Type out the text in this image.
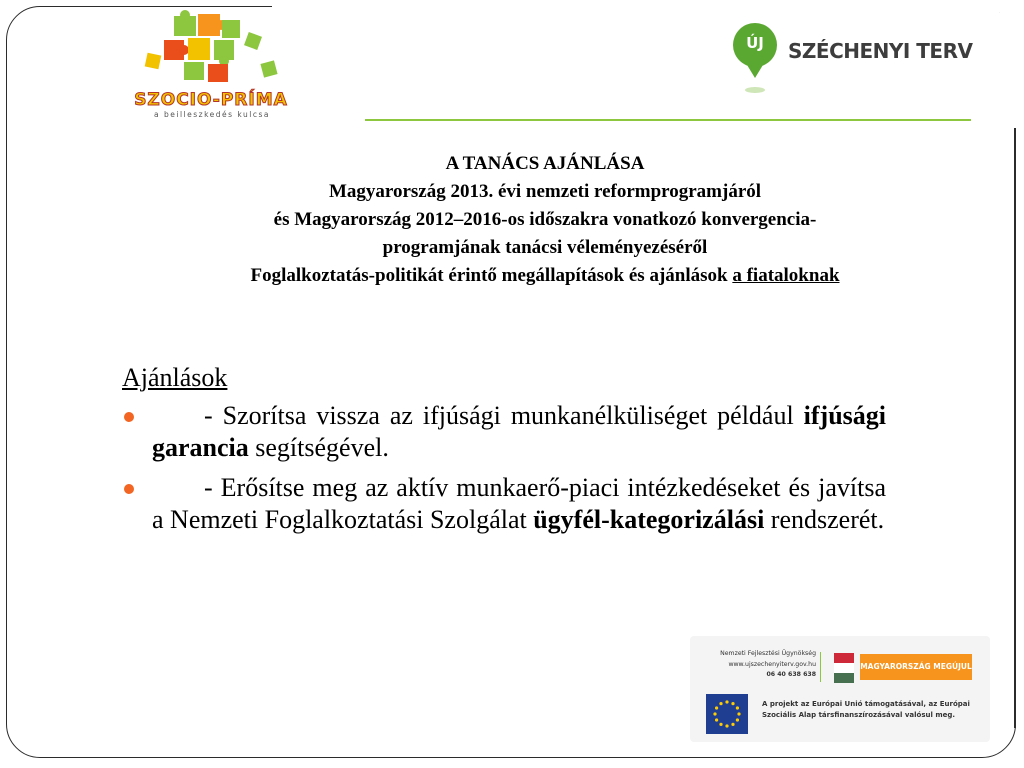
SZOCIO-PRÍMA
a beilleszkedés kulcsa
ÚJ	SZÉCHENYI TERV
A TANÁCS AJÁNLÁSA
Magyarország 2013. évi nemzeti reformprogramjáról
és Magyarország 2012–2016-os időszakra vonatkozó konvergencia-
programjának tanácsi véleményezéséről
Foglalkoztatás-politikát érintő megállapítások és ajánlások a fiataloknak
Ajánlások
- Szorítsa vissza az ifjúsági munkanélküliséget például ifjúsági garancia segítségével.
- Erősítse meg az aktív munkaerő-piaci intézkedéseket és javítsa a Nemzeti Foglalkoztatási Szolgálat ügyfél-kategorizálási rendszerét.
Nemzeti Fejlesztési Ügynökség
www.ujszechenyiterv.gov.hu
06 40 638 638
MAGYARORSZÁG MEGÚJUL
A projekt az Európai Unió támogatásával, az Európai Szociális Alap társfinanszírozásával valósul meg.
